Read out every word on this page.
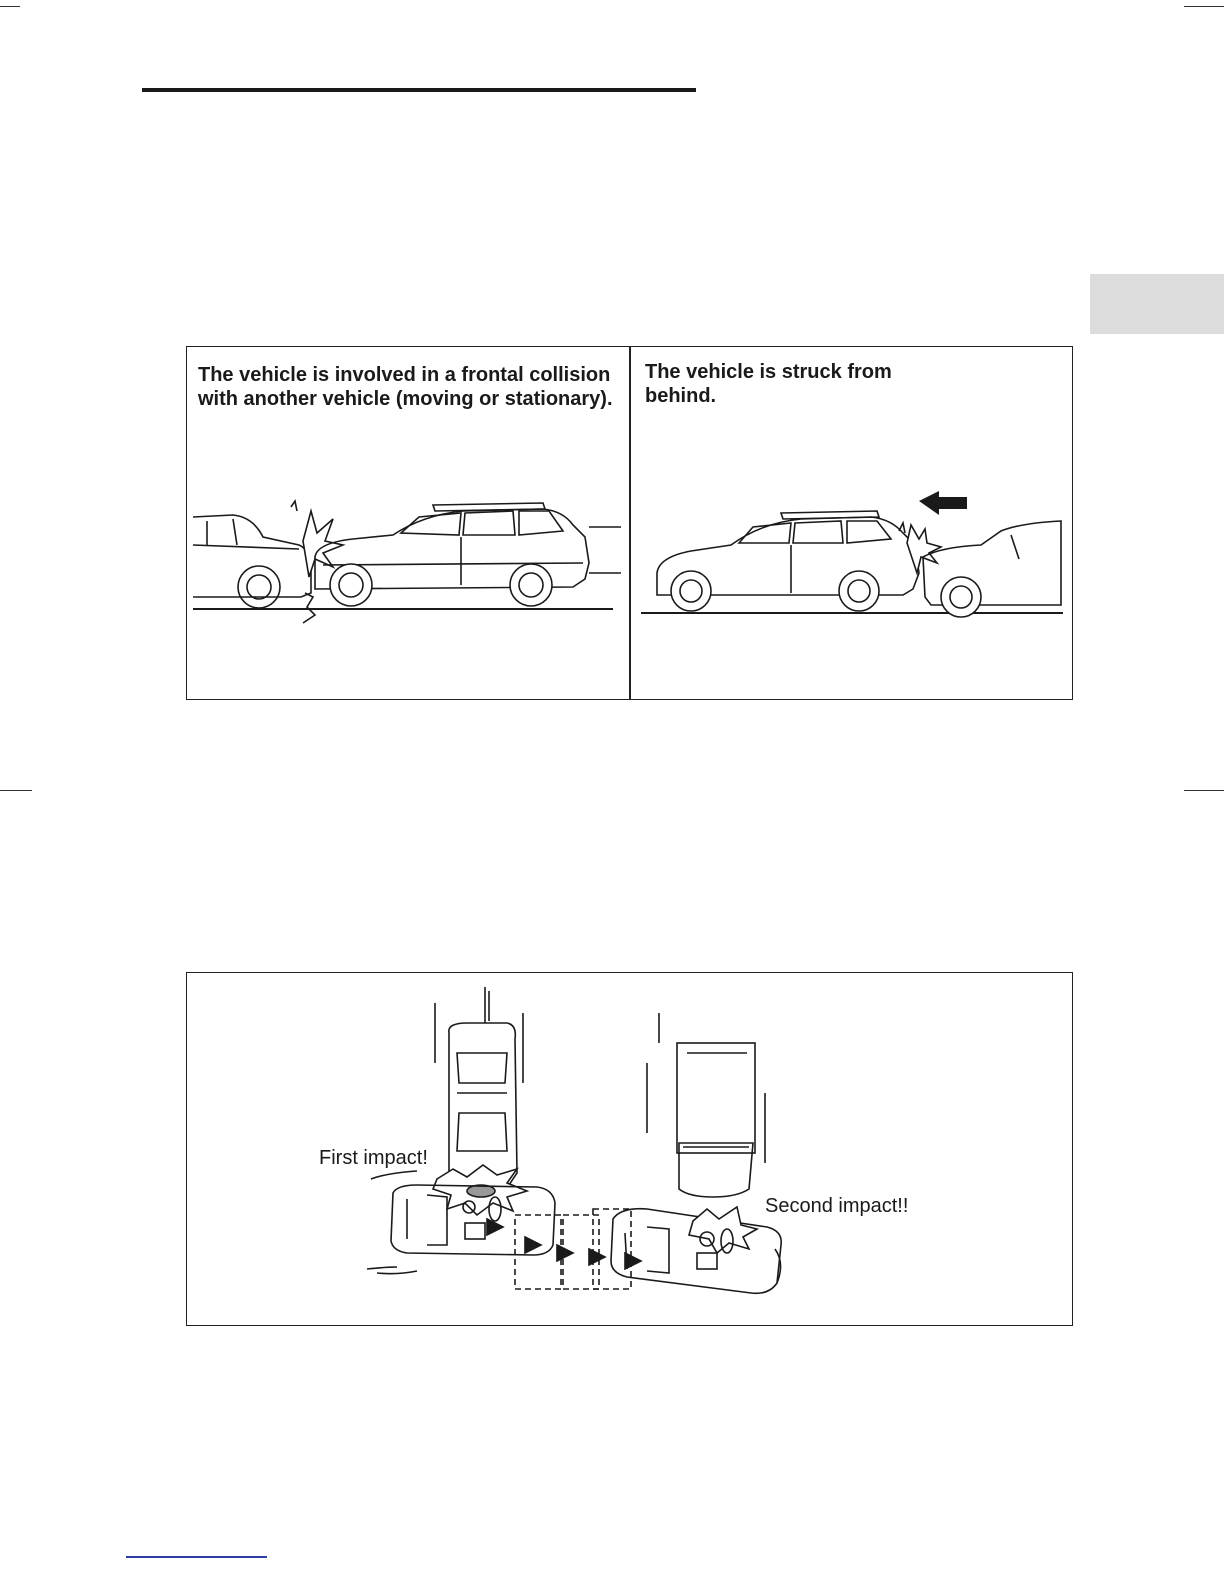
The vehicle is involved in a frontal collision with another vehicle (moving or stationary).
The vehicle is struck from behind.
First impact!
Second impact!!
